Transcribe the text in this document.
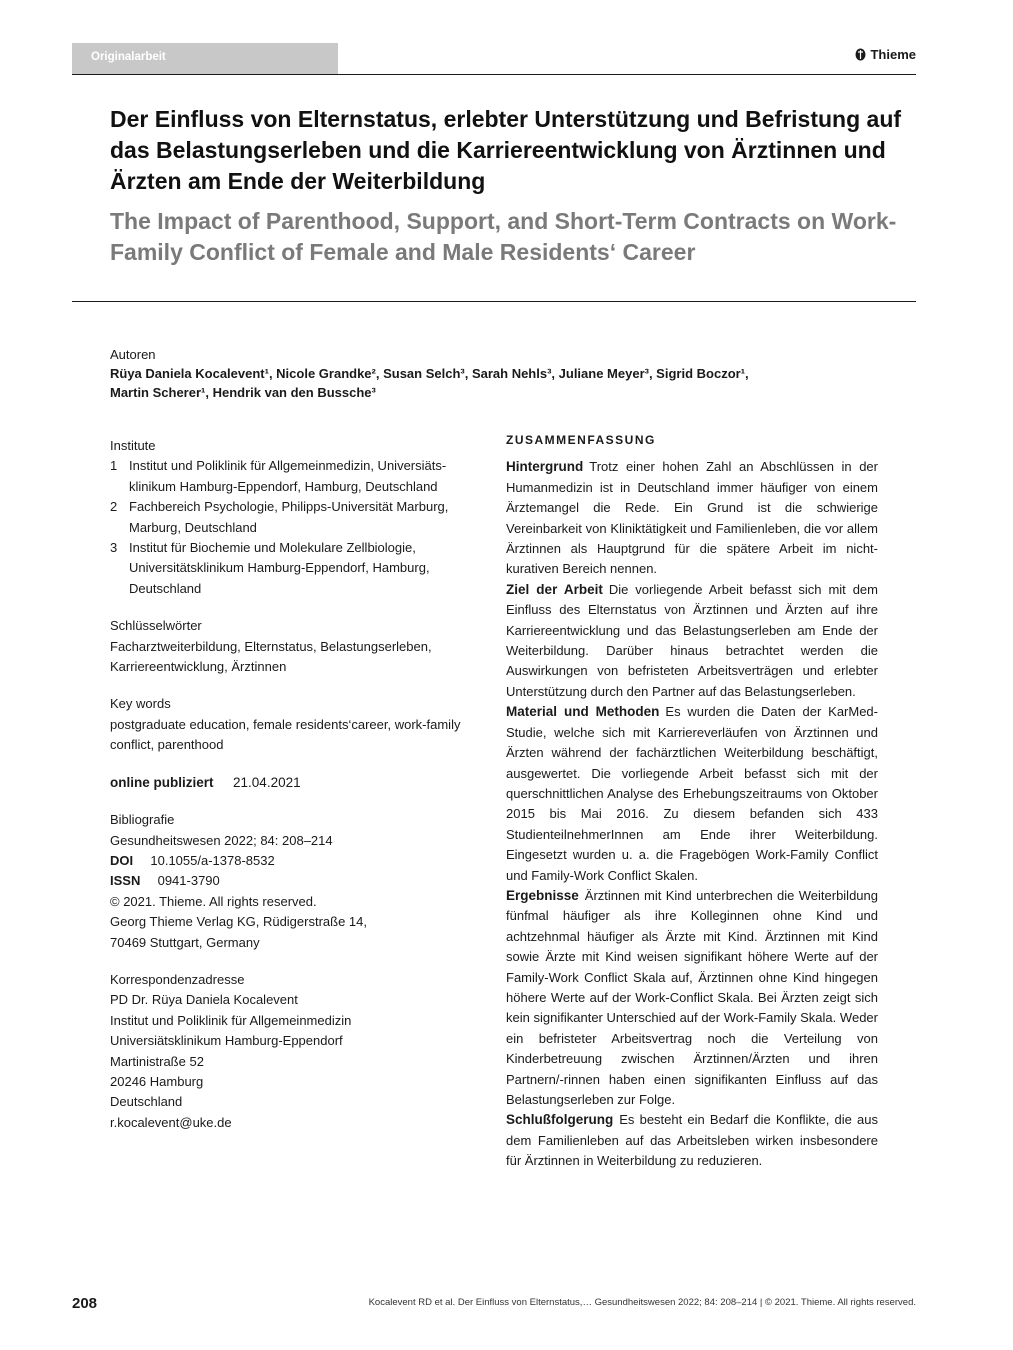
Originalarbeit	Thieme
Der Einfluss von Elternstatus, erlebter Unterstützung und Befristung auf das Belastungserleben und die Karriereentwicklung von Ärztinnen und Ärzten am Ende der Weiterbildung
The Impact of Parenthood, Support, and Short-Term Contracts on Work-Family Conflict of Female and Male Residents‘ Career
Autoren
Rüya Daniela Kocalevent¹, Nicole Grandke², Susan Selch³, Sarah Nehls³, Juliane Meyer³, Sigrid Boczor¹,
Martin Scherer¹, Hendrik van den Bussche³
Institute
1 Institut und Poliklinik für Allgemeinmedizin, Universiäts-klinikum Hamburg-Eppendorf, Hamburg, Deutschland
2 Fachbereich Psychologie, Philipps-Universität Marburg, Marburg, Deutschland
3 Institut für Biochemie und Molekulare Zellbiologie, Universitätsklinikum Hamburg-Eppendorf, Hamburg, Deutschland
Schlüsselwörter
Facharztweiterbildung, Elternstatus, Belastungserleben, Karriereentwicklung, Ärztinnen
Key words
postgraduate education, female residents‘career, work-family conflict, parenthood
online publiziert 21.04.2021
Bibliografie
Gesundheitswesen 2022; 84: 208–214
DOI 10.1055/a-1378-8532
ISSN 0941-3790
© 2021. Thieme. All rights reserved.
Georg Thieme Verlag KG, Rüdigerstraße 14,
70469 Stuttgart, Germany
Korrespondenzadresse
PD Dr. Rüya Daniela Kocalevent
Institut und Poliklinik für Allgemeinmedizin
Universiätsklinikum Hamburg-Eppendorf
Martinistraße 52
20246 Hamburg
Deutschland
r.kocalevent@uke.de
ZUSAMMENFASSUNG

Hintergrund Trotz einer hohen Zahl an Abschlüssen in der Humanmedizin ist in Deutschland immer häufiger von einem Ärztemangel die Rede. Ein Grund ist die schwierige Vereinbarkeit von Kliniktätigkeit und Familienleben, die vor allem Ärztinnen als Hauptgrund für die spätere Arbeit im nicht-kurativen Bereich nennen.

Ziel der Arbeit Die vorliegende Arbeit befasst sich mit dem Einfluss des Elternstatus von Ärztinnen und Ärzten auf ihre Karriereentwicklung und das Belastungserleben am Ende der Weiterbildung. Darüber hinaus betrachtet werden die Auswirkungen von befristeten Arbeitsverträgen und erlebter Unterstützung durch den Partner auf das Belastungserleben.

Material und Methoden Es wurden die Daten der KarMed-Studie, welche sich mit Karriereverläufen von Ärztinnen und Ärzten während der fachärztlichen Weiterbildung beschäftigt, ausgewertet. Die vorliegende Arbeit befasst sich mit der querschnittlichen Analyse des Erhebungszeitraums von Oktober 2015 bis Mai 2016. Zu diesem befanden sich 433 StudienteilnehmerInnen am Ende ihrer Weiterbildung. Eingesetzt wurden u. a. die Fragebögen Work-Family Conflict und Family-Work Conflict Skalen.

Ergebnisse Ärztinnen mit Kind unterbrechen die Weiterbildung fünfmal häufiger als ihre Kolleginnen ohne Kind und achtzehnmal häufiger als Ärzte mit Kind. Ärztinnen mit Kind sowie Ärzte mit Kind weisen signifikant höhere Werte auf der Family-Work Conflict Skala auf, Ärztinnen ohne Kind hingegen höhere Werte auf der Work-Conflict Skala. Bei Ärzten zeigt sich kein signifikanter Unterschied auf der Work-Family Skala. Weder ein befristeter Arbeitsvertrag noch die Verteilung von Kinderbetreuung zwischen Ärztinnen/Ärzten und ihren Partnern/-rinnen haben einen signifikanten Einfluss auf das Belastungserleben zur Folge.

Schlußfolgerung Es besteht ein Bedarf die Konflikte, die aus dem Familienleben auf das Arbeitsleben wirken insbesondere für Ärztinnen in Weiterbildung zu reduzieren.

208	Kocalevent RD et al. Der Einfluss von Elternstatus,… Gesundheitswesen 2022; 84: 208–214 | © 2021. Thieme. All rights reserved.
